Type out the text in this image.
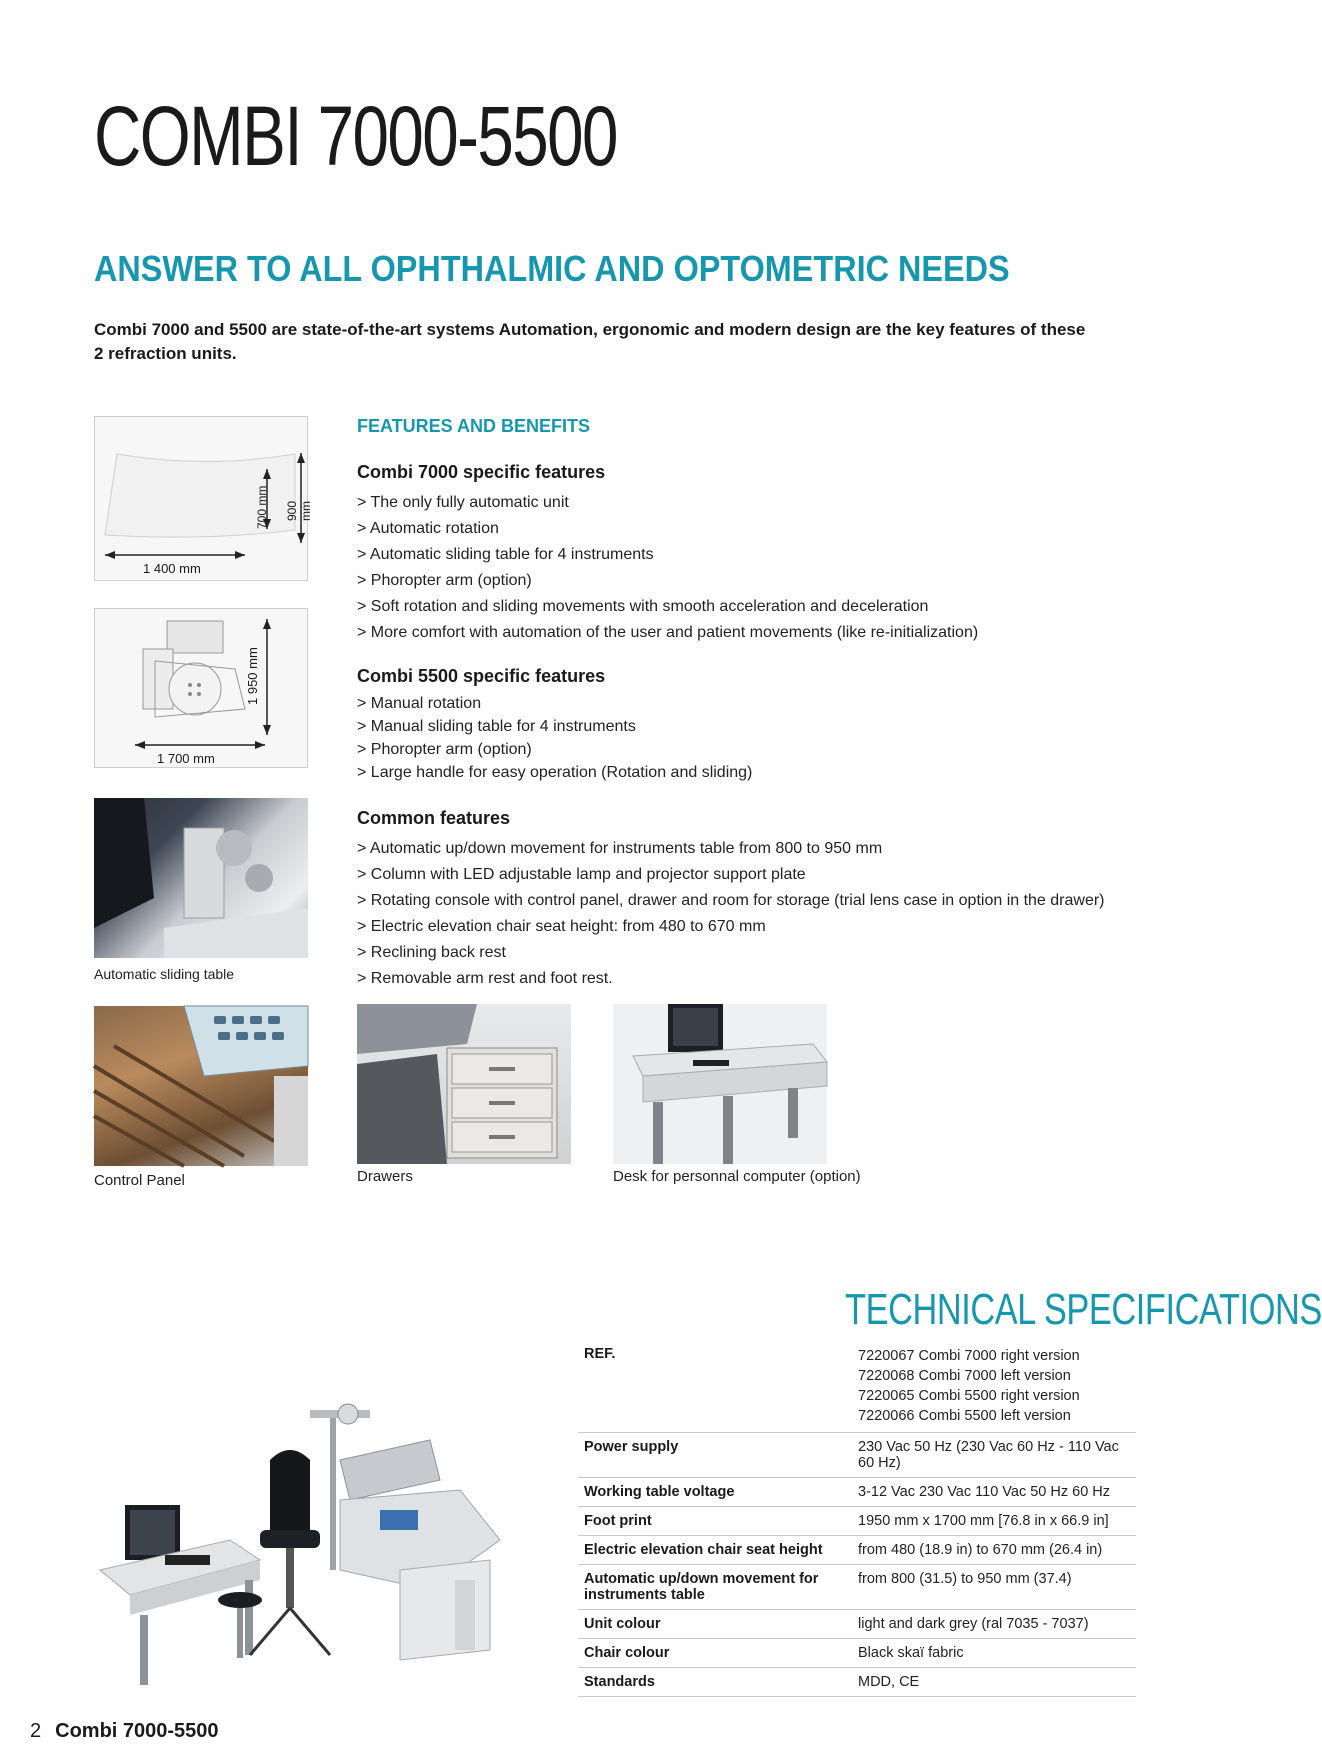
COMBI 7000-5500
ANSWER TO ALL OPHTHALMIC AND OPTOMETRIC NEEDS
Combi 7000 and 5500 are state-of-the-art systems Automation, ergonomic and modern design are the key features of these 2 refraction units.
1 400 mm
700 mm 900 mm
1 700 mm
1 950 mm
Automatic sliding table
Control Panel
FEATURES AND BENEFITS
Combi 7000 specific features
> The only fully automatic unit
> Automatic rotation
> Automatic sliding table for 4 instruments
> Phoropter arm (option)
> Soft rotation and sliding movements with smooth acceleration and deceleration
> More comfort with automation of the user and patient movements (like re-initialization)
Combi 5500 specific features
> Manual rotation
> Manual sliding table for 4 instruments
> Phoropter arm (option)
> Large handle for easy operation (Rotation and sliding)
Common features
> Automatic up/down movement for instruments table from 800 to 950 mm
> Column with LED adjustable lamp and projector support plate
> Rotating console with control panel, drawer and room for storage (trial lens case in option in the drawer)
> Electric elevation chair seat height: from 480 to 670 mm
> Reclining back rest
> Removable arm rest and foot rest.
Drawers	Desk for personnal computer (option)
TECHNICAL SPECIFICATIONS
REF.	7220067 Combi 7000 right version
7220068 Combi 7000 left version
7220065 Combi 5500 right version
7220066 Combi 5500 left version

Power supply	230 Vac 50 Hz (230 Vac 60 Hz - 110 Vac 60 Hz)
Working table voltage	3-12 Vac 230 Vac 110 Vac 50 Hz 60 Hz
Foot print	1950 mm x 1700 mm [76.8 in x 66.9 in]
Electric elevation chair seat height	from 480 (18.9 in) to 670 mm (26.4 in)
Automatic up/down movement for instruments table	from 800 (31.5) to 950 mm (37.4)
Unit colour	light and dark grey (ral 7035 - 7037)
Chair colour	Black skaï fabric
Standards	MDD, CE
2 Combi 7000-5500
